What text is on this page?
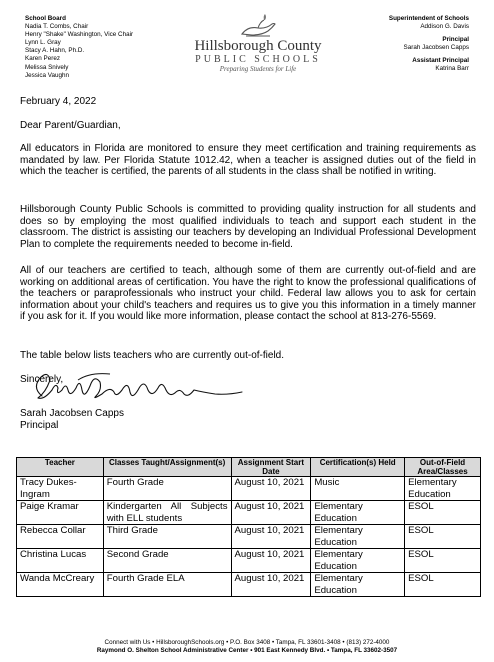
School Board
Nadia T. Combs, Chair
Henry "Shake" Washington, Vice Chair
Lynn L. Gray
Stacy A. Hahn, Ph.D.
Karen Perez
Melissa Snively
Jessica Vaughn
Hillsborough County
PUBLIC SCHOOLS
Preparing Students for Life
Superintendent of Schools
Addison G. Davis
Principal
Sarah Jacobsen Capps
Assistant Principal
Katrina Barr
February 4, 2022
Dear Parent/Guardian,
All educators in Florida are monitored to ensure they meet certification and training requirements as mandated by law. Per Florida Statute 1012.42, when a teacher is assigned duties out of the field in which the teacher is certified, the parents of all students in the class shall be notified in writing.
Hillsborough County Public Schools is committed to providing quality instruction for all students and does so by employing the most qualified individuals to teach and support each student in the classroom. The district is assisting our teachers by developing an Individual Professional Development Plan to complete the requirements needed to become in-field.
All of our teachers are certified to teach, although some of them are currently out-of-field and are working on additional areas of certification. You have the right to know the professional qualifications of the teachers or paraprofessionals who instruct your child. Federal law allows you to ask for certain information about your child's teachers and requires us to give you this information in a timely manner if you ask for it. If you would like more information, please contact the school at 813-276-5569.
The table below lists teachers who are currently out-of-field.
Sincerely,
Sarah Jacobsen Capps
Principal
Teacher	Classes Taught/Assignment(s)	Assignment Start Date	Certification(s) Held	Out-of-Field Area/Classes
Tracy Dukes-Ingram	Fourth Grade	August 10, 2021	Music	Elementary Education
Paige Kramar	Kindergarten All Subjects with ELL students	August 10, 2021	Elementary Education	ESOL
Rebecca Collar	Third Grade	August 10, 2021	Elementary Education	ESOL
Christina Lucas	Second Grade	August 10, 2021	Elementary Education	ESOL
Wanda McCreary	Fourth Grade ELA	August 10, 2021	Elementary Education	ESOL
Connect with Us • HillsboroughSchools.org • P.O. Box 3408 • Tampa, FL 33601-3408 • (813) 272-4000
Raymond O. Shelton School Administrative Center • 901 East Kennedy Blvd. • Tampa, FL 33602-3507
